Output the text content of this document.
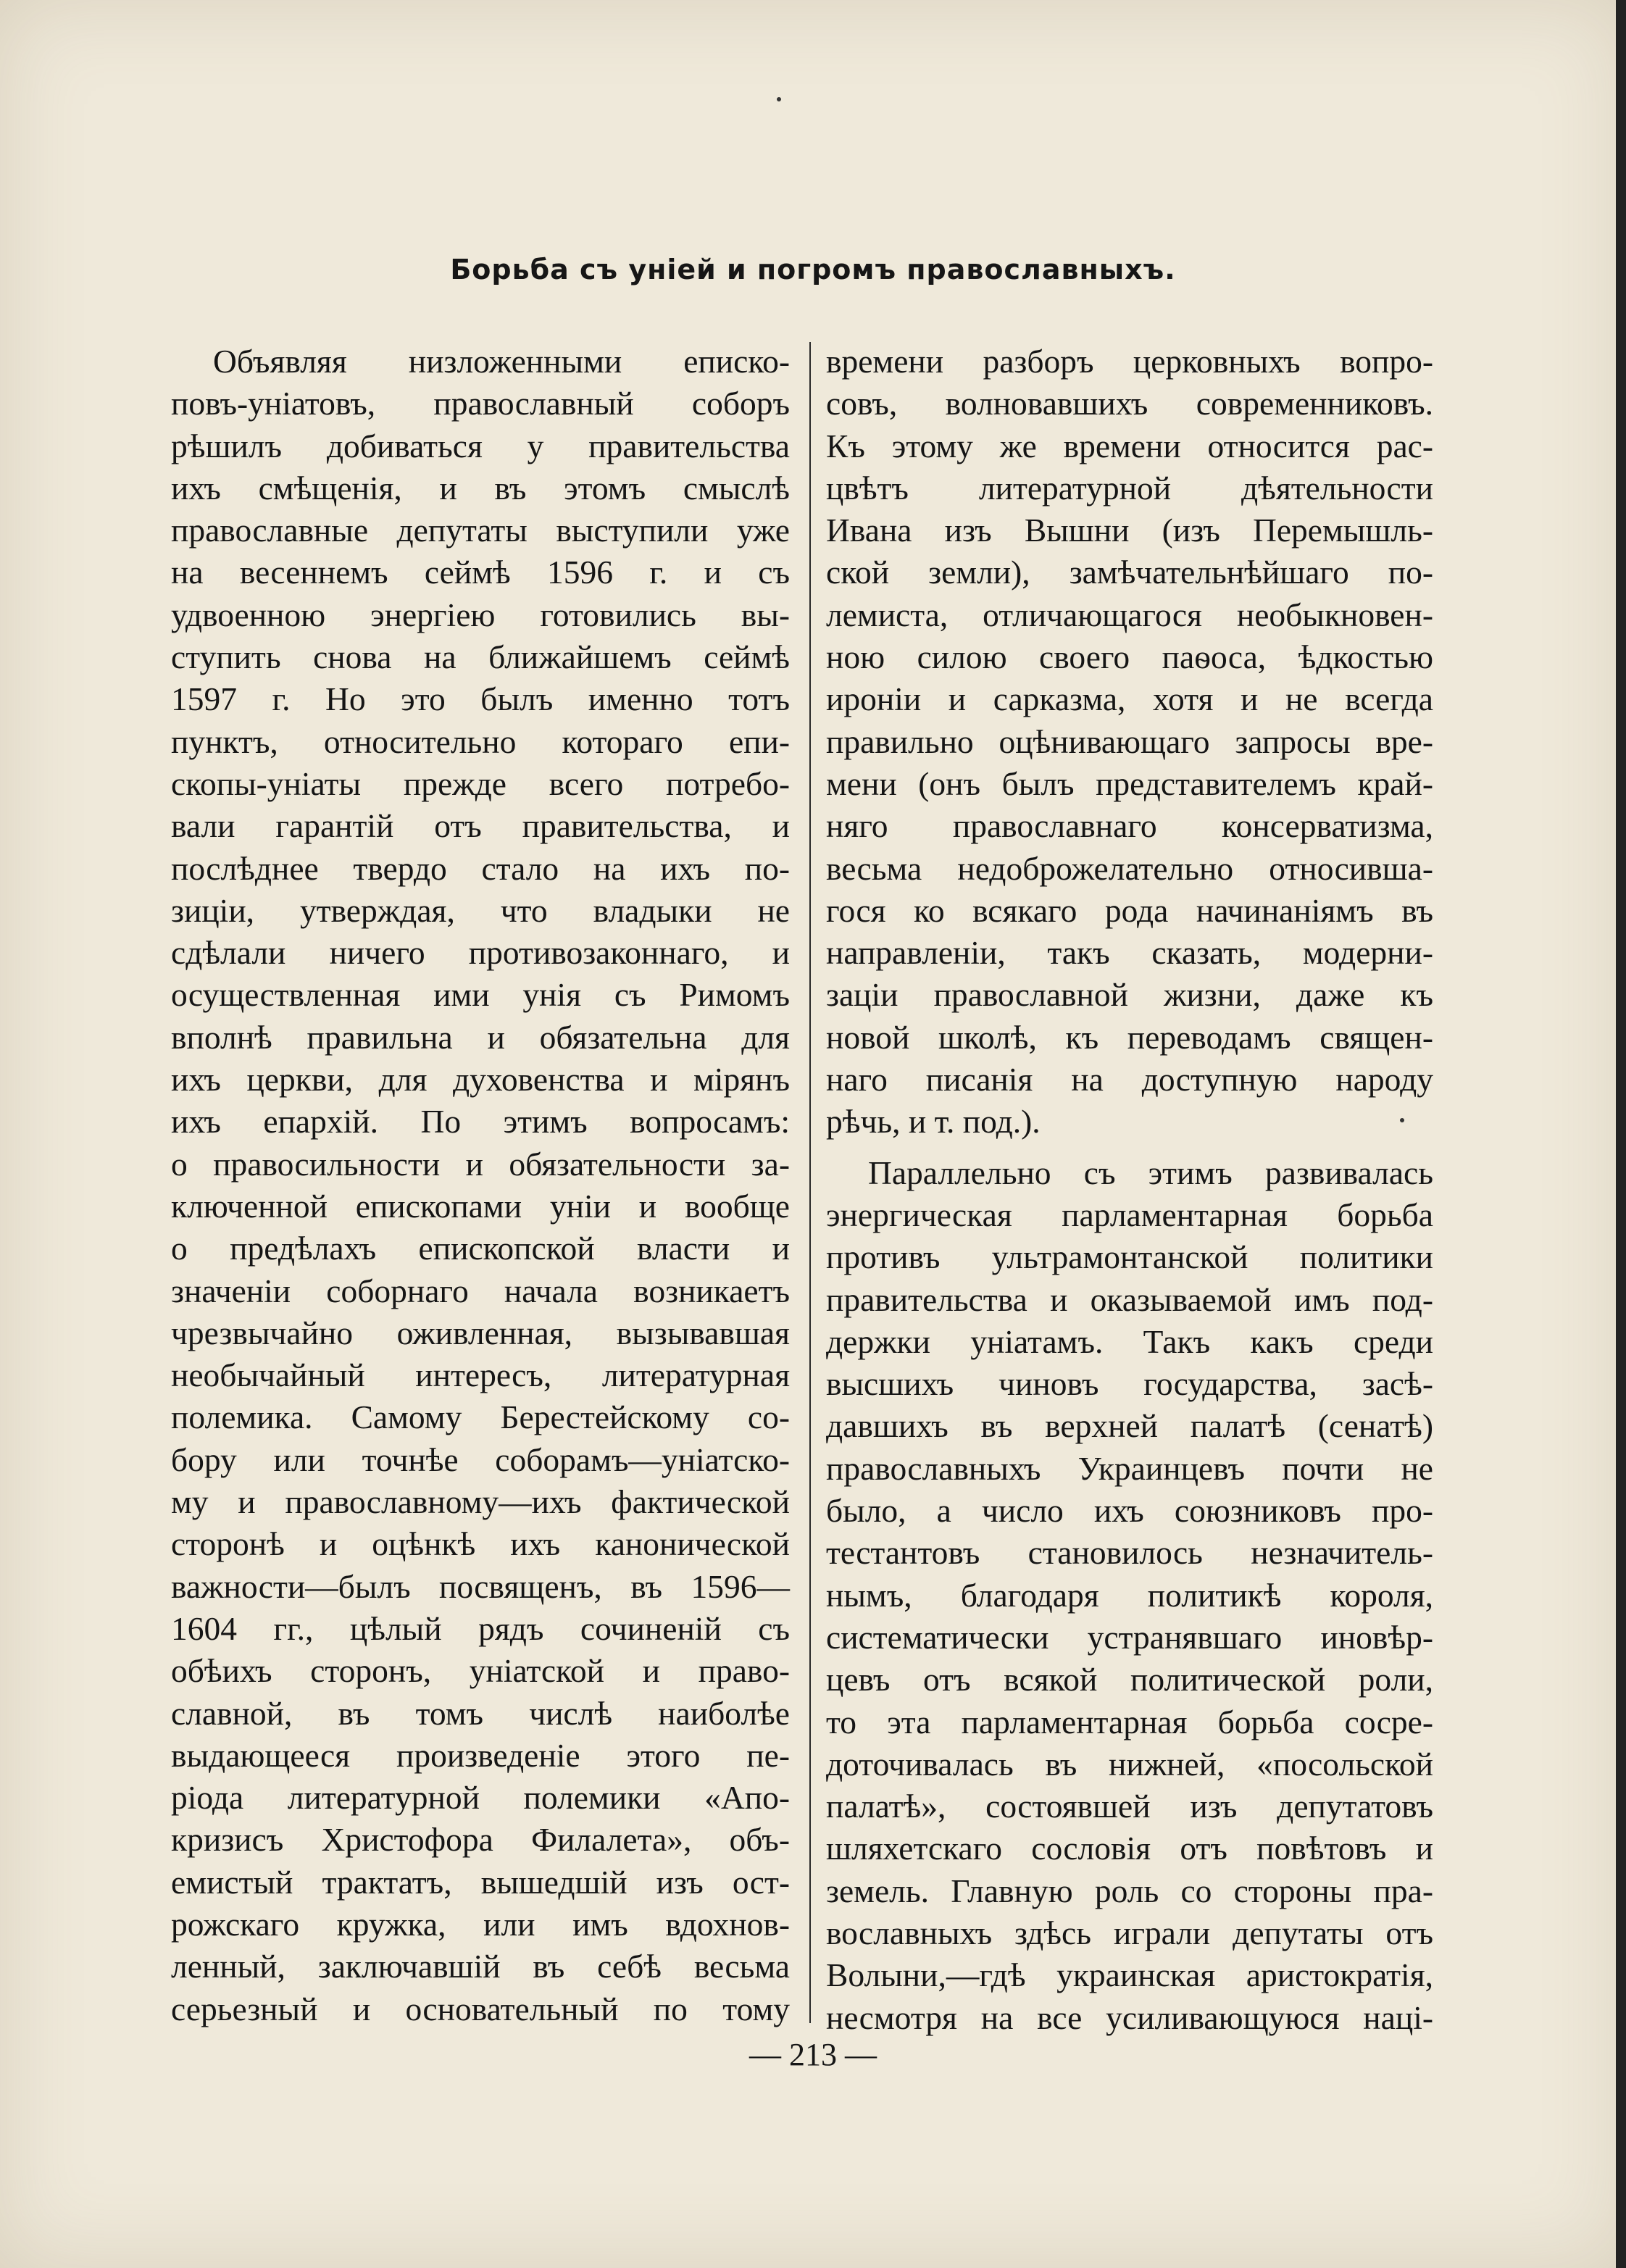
Борьба съ уніей и погромъ православныхъ.
Объявляя низложенными еписко-
повъ-уніатовъ, православный соборъ
рѣшилъ добиваться у правительства
ихъ смѣщенія, и въ этомъ смыслѣ
православные депутаты выступили уже
на весеннемъ сеймѣ 1596 г. и съ
удвоенною энергіею готовились вы-
ступить снова на ближайшемъ сеймѣ
1597 г. Но это былъ именно тотъ
пунктъ, относительно котораго епи-
скопы-уніаты прежде всего потребо-
вали гарантій отъ правительства, и
послѣднее твердо стало на ихъ по-
зиціи, утверждая, что владыки не
сдѣлали ничего противозаконнаго, и
осуществленная ими унія съ Римомъ
вполнѣ правильна и обязательна для
ихъ церкви, для духовенства и мірянъ
ихъ епархій. По этимъ вопросамъ:
о правосильности и обязательности за-
ключенной епископами уніи и вообще
о предѣлахъ епископской власти и
значеніи соборнаго начала возникаетъ
чрезвычайно оживленная, вызывавшая
необычайный интересъ, литературная
полемика. Самому Берестейскому со-
бору или точнѣе соборамъ—уніатско-
му и православному—ихъ фактической
сторонѣ и оцѣнкѣ ихъ канонической
важности—былъ посвященъ, въ 1596—
1604 гг., цѣлый рядъ сочиненій съ
обѣихъ сторонъ, уніатской и право-
славной, въ томъ числѣ наиболѣе
выдающееся произведеніе этого пе-
ріода литературной полемики «Апо-
кризисъ Христофора Филалета», объ-
емистый трактатъ, вышедшій изъ ост-
рожскаго кружка, или имъ вдохнов-
ленный, заключавшій въ себѣ весьма
серьезный и основательный по тому
времени разборъ церковныхъ вопро-
совъ, волновавшихъ современниковъ.
Къ этому же времени относится рас-
цвѣтъ литературной дѣятельности
Ивана изъ Вышни (изъ Перемышль-
ской земли), замѣчательнѣйшаго по-
лемиста, отличающагося необыкновен-
ною силою своего паѳоса, ѣдкостью
ироніи и сарказма, хотя и не всегда
правильно оцѣнивающаго запросы вре-
мени (онъ былъ представителемъ край-
няго православнаго консерватизма,
весьма недоброжелательно относивша-
гося ко всякаго рода начинаніямъ въ
направленіи, такъ сказать, модерни-
заціи православной жизни, даже къ
новой школѣ, къ переводамъ священ-
наго писанія на доступную народу
рѣчь, и т. под.).
Параллельно съ этимъ развивалась
энергическая парламентарная борьба
противъ ультрамонтанской политики
правительства и оказываемой имъ под-
держки уніатамъ. Такъ какъ среди
высшихъ чиновъ государства, засѣ-
давшихъ въ верхней палатѣ (сенатѣ)
православныхъ Украинцевъ почти не
было, а число ихъ союзниковъ про-
тестантовъ становилось незначитель-
нымъ, благодаря политикѣ короля,
систематически устранявшаго иновѣр-
цевъ отъ всякой политической роли,
то эта парламентарная борьба сосре-
доточивалась въ нижней, «посольской
палатѣ», состоявшей изъ депутатовъ
шляхетскаго сословія отъ повѣтовъ и
земель. Главную роль со стороны пра-
вославныхъ здѣсь играли депутаты отъ
Волыни,—гдѣ украинская аристократія,
несмотря на все усиливающуюся наці-
— 213 —
